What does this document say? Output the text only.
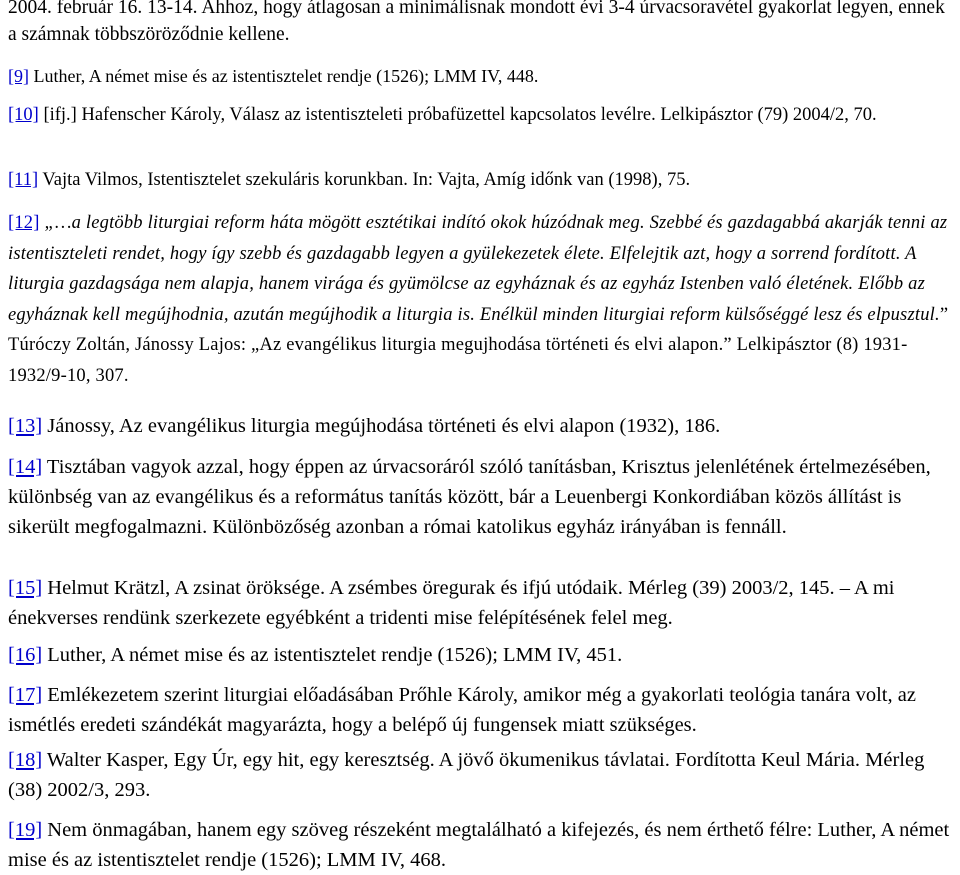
2004. február 16. 13-14. Ahhoz, hogy átlagosan a minimálisnak mondott évi 3-4 úrvacsoravétel gyakorlat legyen, ennek a számnak többszöröződnie kellene.

[9] Luther, A német mise és az istentisztelet rendje (1526); LMM IV, 448.

[10] [ifj.] Hafenscher Károly, Válasz az istentiszteleti próbafüzettel kapcsolatos levélre. Lelkipásztor (79) 2004/2, 70.

[11] Vajta Vilmos, Istentisztelet szekuláris korunkban. In: Vajta, Amíg időnk van (1998), 75.

[12] „…a legtöbb liturgiai reform háta mögött esztétikai indító okok húzódnak meg. Szebbé és gazdagabbá akarják tenni az istentiszteleti rendet, hogy így szebb és gazdagabb legyen a gyülekezetek élete. Elfelejtik azt, hogy a sorrend fordított. A liturgia gazdagsága nem alapja, hanem virága és gyümölcse az egyháznak és az egyház Istenben való életének. Előbb az egyháznak kell megújhodnia, azután megújhodik a liturgia is. Enélkül minden liturgiai reform külsőséggé lesz és elpusztul.” Túróczy Zoltán, Jánossy Lajos: „Az evangélikus liturgia megujhodása történeti és elvi alapon.” Lelkipásztor (8) 1931-1932/9-10, 307.

[13] Jánossy, Az evangélikus liturgia megújhodása történeti és elvi alapon (1932), 186.

[14] Tisztában vagyok azzal, hogy éppen az úrvacsoráról szóló tanításban, Krisztus jelenlétének értelmezésében, különbség van az evangélikus és a református tanítás között, bár a Leuenbergi Konkordiában közös állítást is sikerült megfogalmazni. Különbözőség azonban a római katolikus egyház irányában is fennáll.

[15] Helmut Krätzl, A zsinat öröksége. A zsémbes öregurak és ifjú utódaik. Mérleg (39) 2003/2, 145. – A mi énekverses rendünk szerkezete egyébként a tridenti mise felépítésének felel meg.

[16] Luther, A német mise és az istentisztelet rendje (1526); LMM IV, 451.

[17] Emlékezetem szerint liturgiai előadásában Prőhle Károly, amikor még a gyakorlati teológia tanára volt, az ismétlés eredeti szándékát magyarázta, hogy a belépő új fungensek miatt szükséges.

[18] Walter Kasper, Egy Úr, egy hit, egy keresztség. A jövő ökumenikus távlatai. Fordította Keul Mária. Mérleg (38) 2002/3, 293.

[19] Nem önmagában, hanem egy szöveg részeként megtalálható a kifejezés, és nem érthető félre: Luther, A német mise és az istentisztelet rendje (1526); LMM IV, 468.
